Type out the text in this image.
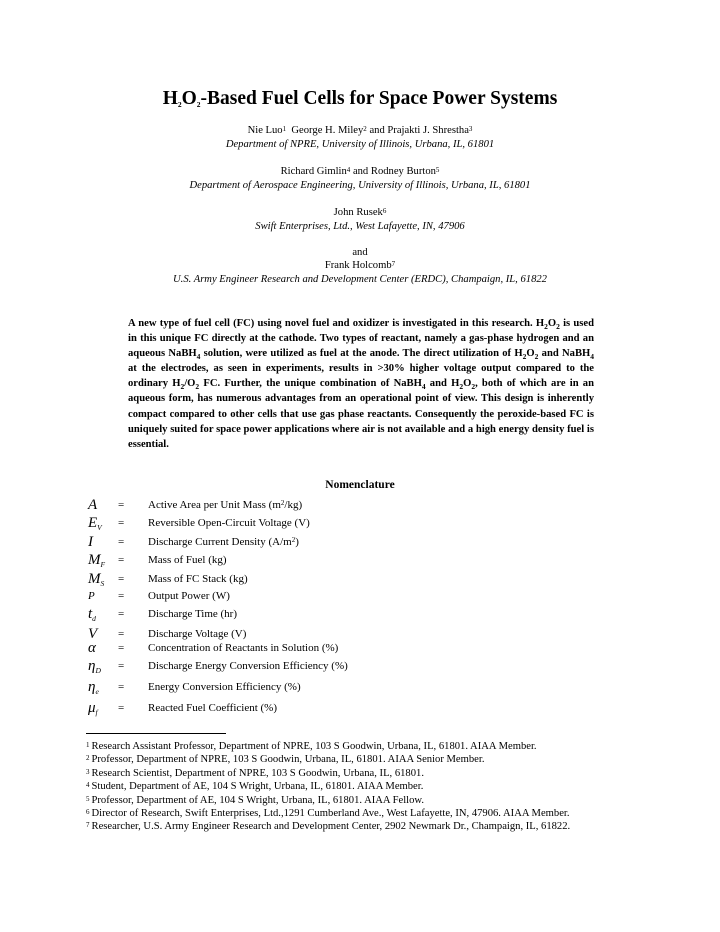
$H_2O_2$-Based Fuel Cells for Space Power Systems
Nie Luo$^1$ George H. Miley$^2$ and Prajakti J. Shrestha$^3$
Department of NPRE, University of Illinois, Urbana, IL, 61801
Richard Gimlin$^4$ and Rodney Burton$^5$
Department of Aerospace Engineering, University of Illinois, Urbana, IL, 61801
John Rusek$^6$
Swift Enterprises, Ltd., West Lafayette, IN, 47906
and
Frank Holcomb$^7$
U.S. Army Engineer Research and Development Center (ERDC), Champaign, IL, 61822
A new type of fuel cell (FC) using novel fuel and oxidizer is investigated in this research. $H_2O_2$ is used in this unique FC directly at the cathode. Two types of reactant, namely a gas-phase hydrogen and an aqueous NaBH$_4$ solution, were utilized as fuel at the anode. The direct utilization of $H_2O_2$ and NaBH$_4$ at the electrodes, as seen in experiments, results in >30% higher voltage output compared to the ordinary $H_2/O_2$ FC. Further, the unique combination of NaBH$_4$ and $H_2O_2$, both of which are in an aqueous form, has numerous advantages from an operational point of view. This design is inherently compact compared to other cells that use gas phase reactants. Consequently the peroxide-based FC is uniquely suited for space power applications where air is not available and a high energy density fuel is essential.
Nomenclature
A = Active Area per Unit Mass $(m^2/kg)$
$E_V$ = Reversible Open-Circuit Voltage (V)
I = Discharge Current Density $(A/m^2)$
$M_F$ = Mass of Fuel (kg)
$M_S$ = Mass of FC Stack (kg)
P = Output Power (W)
$t_d$ = Discharge Time (hr)
V = Discharge Voltage (V)
α = Concentration of Reactants in Solution (%)
$\eta_D$ = Discharge Energy Conversion Efficiency (%)
$\eta_e$ = Energy Conversion Efficiency (%)
$\mu_f$ = Reacted Fuel Coefficient (%)
$^1$ Research Assistant Professor, Department of NPRE, 103 S Goodwin, Urbana, IL, 61801. AIAA Member.
$^2$ Professor, Department of NPRE, 103 S Goodwin, Urbana, IL, 61801. AIAA Senior Member.
$^3$ Research Scientist, Department of NPRE, 103 S Goodwin, Urbana, IL, 61801.
$^4$ Student, Department of AE, 104 S Wright, Urbana, IL, 61801. AIAA Member.
$^5$ Professor, Department of AE, 104 S Wright, Urbana, IL, 61801. AIAA Fellow.
$^6$ Director of Research, Swift Enterprises, Ltd.,1291 Cumberland Ave., West Lafayette, IN, 47906. AIAA Member.
$^7$ Researcher, U.S. Army Engineer Research and Development Center, 2902 Newmark Dr., Champaign, IL, 61822.
